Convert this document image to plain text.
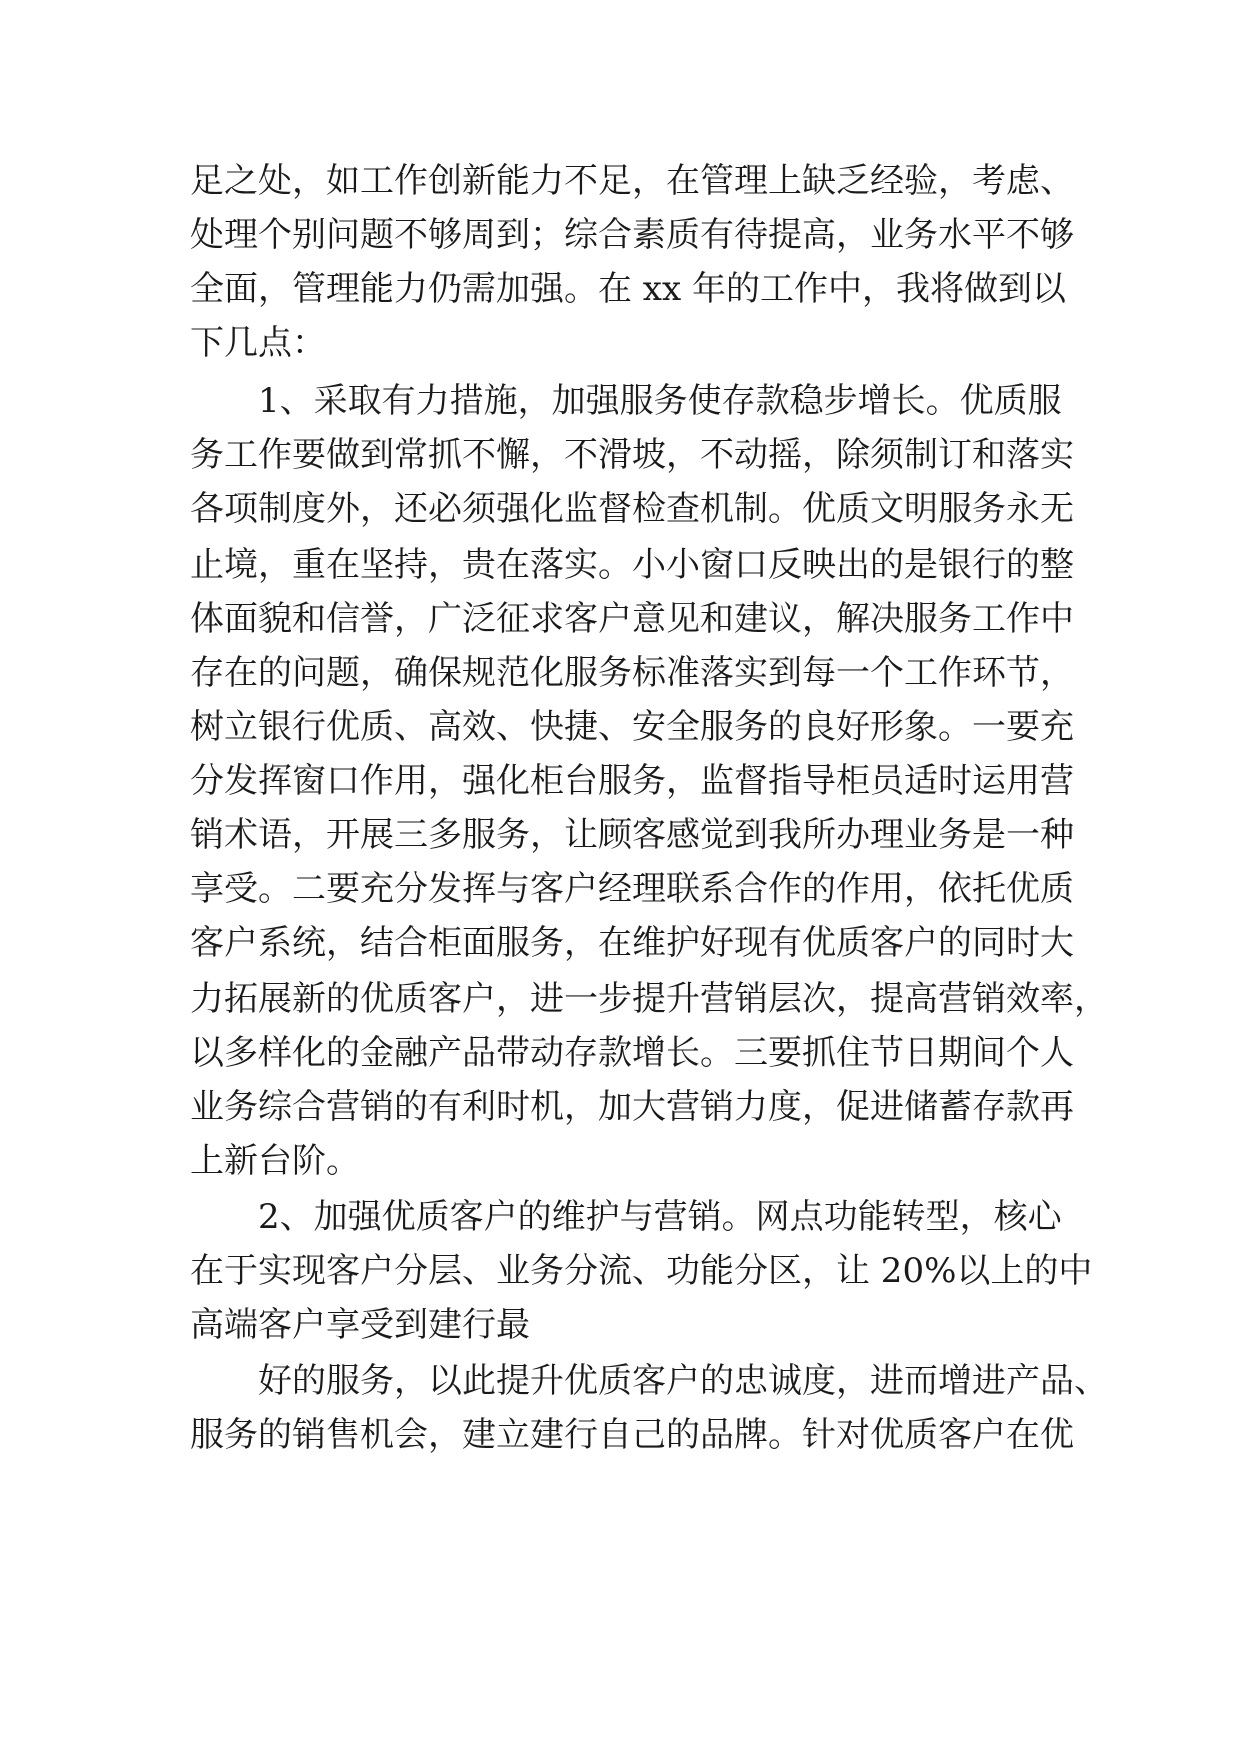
足之处，如工作创新能力不足，在管理上缺乏经验，考虑、
处理个别问题不够周到；综合素质有待提高，业务水平不够
全面，管理能力仍需加强。在 xx 年的工作中，我将做到以
下几点：
1、采取有力措施，加强服务使存款稳步增长。优质服
务工作要做到常抓不懈，不滑坡，不动摇，除须制订和落实
各项制度外，还必须强化监督检查机制。优质文明服务永无
止境，重在坚持，贵在落实。小小窗口反映出的是银行的整
体面貌和信誉，广泛征求客户意见和建议，解决服务工作中
存在的问题，确保规范化服务标准落实到每一个工作环节，
树立银行优质、高效、快捷、安全服务的良好形象。一要充
分发挥窗口作用，强化柜台服务，监督指导柜员适时运用营
销术语，开展三多服务，让顾客感觉到我所办理业务是一种
享受。二要充分发挥与客户经理联系合作的作用，依托优质
客户系统，结合柜面服务，在维护好现有优质客户的同时大
力拓展新的优质客户，进一步提升营销层次，提高营销效率，
以多样化的金融产品带动存款增长。三要抓住节日期间个人
业务综合营销的有利时机，加大营销力度，促进储蓄存款再
上新台阶。
2、加强优质客户的维护与营销。网点功能转型，核心
在于实现客户分层、业务分流、功能分区，让 20%以上的中
高端客户享受到建行最
好的服务，以此提升优质客户的忠诚度，进而增进产品、
服务的销售机会，建立建行自己的品牌。针对优质客户在优
